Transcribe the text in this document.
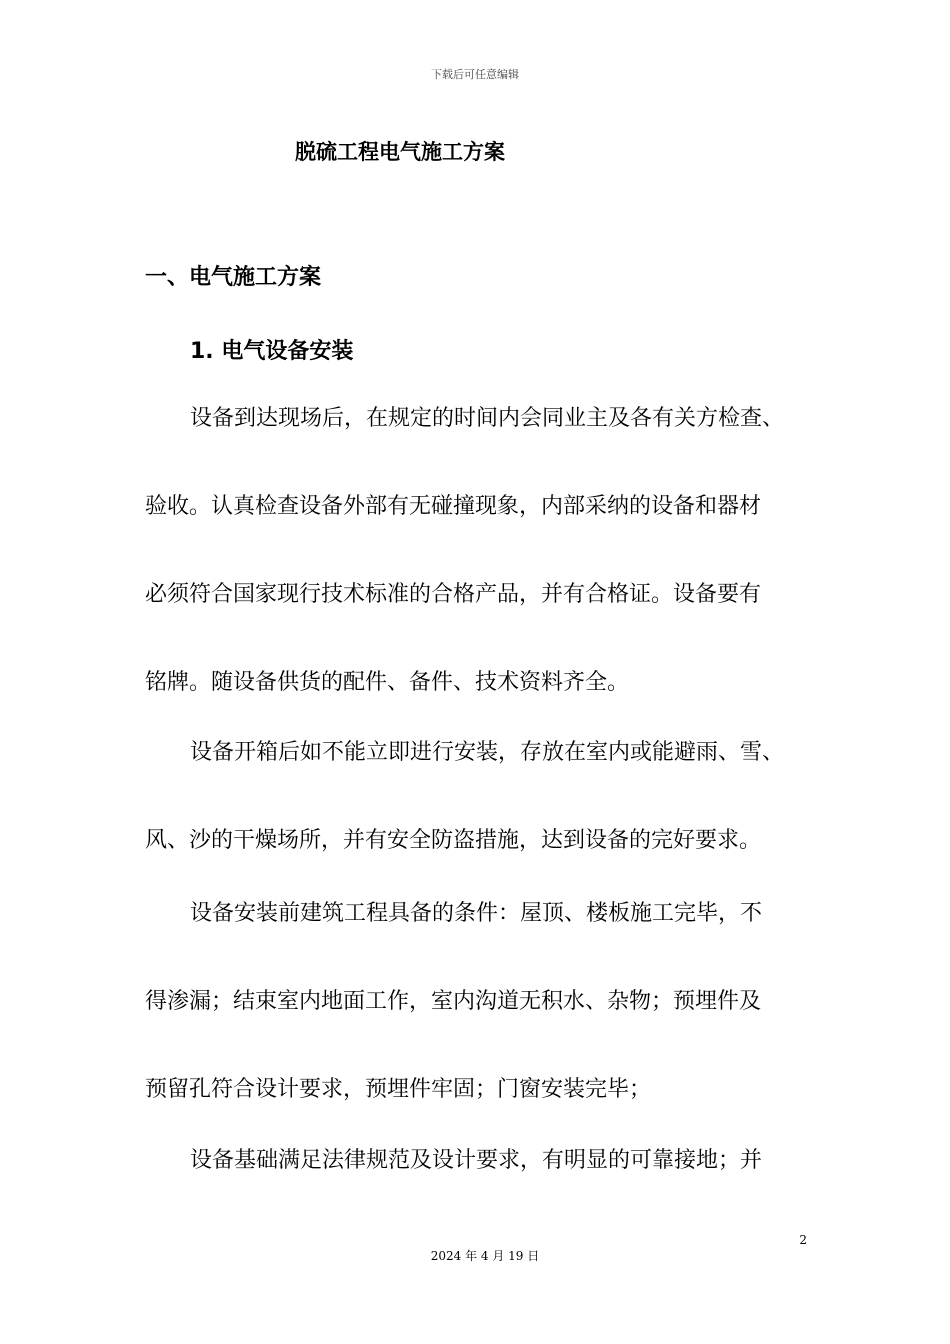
下载后可任意编辑
脱硫工程电气施工方案
一、电气施工方案
1. 电气设备安装
设备到达现场后，在规定的时间内会同业主及各有关方检查、
验收。认真检查设备外部有无碰撞现象，内部采纳的设备和器材
必须符合国家现行技术标准的合格产品，并有合格证。设备要有
铭牌。随设备供货的配件、备件、技术资料齐全。
设备开箱后如不能立即进行安装，存放在室内或能避雨、雪、
风、沙的干燥场所，并有安全防盗措施，达到设备的完好要求。
设备安装前建筑工程具备的条件：屋顶、楼板施工完毕，不
得渗漏；结束室内地面工作，室内沟道无积水、杂物；预埋件及
预留孔符合设计要求，预埋件牢固；门窗安装完毕；
设备基础满足法律规范及设计要求，有明显的可靠接地；并
2
2024 年 4 月 19 日
